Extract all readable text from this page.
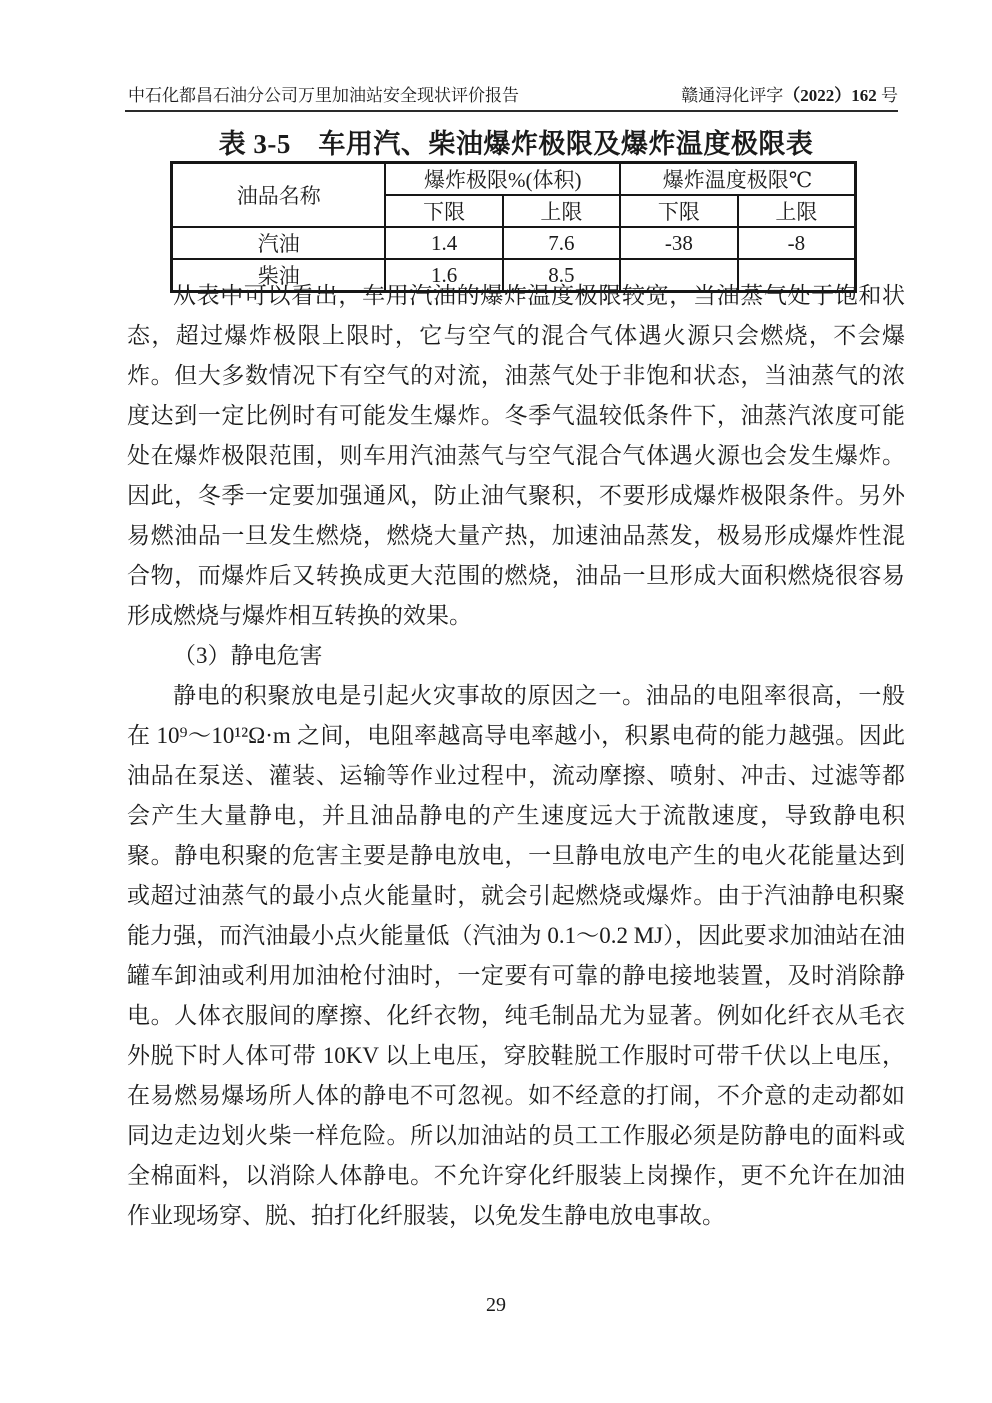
中石化都昌石油分公司万里加油站安全现状评价报告	赣通浔化评字（2022）162 号
表 3-5　车用汽、柴油爆炸极限及爆炸温度极限表
油品名称	爆炸极限%(体积)		爆炸温度极限℃	
	下限	上限	下限	上限
汽油	1.4	7.6	-38	-8
柴油	1.6	8.5		

从表中可以看出，车用汽油的爆炸温度极限较宽，当油蒸气处于饱和状态，超过爆炸极限上限时，它与空气的混合气体遇火源只会燃烧，不会爆炸。但大多数情况下有空气的对流，油蒸气处于非饱和状态，当油蒸气的浓度达到一定比例时有可能发生爆炸。冬季气温较低条件下，油蒸汽浓度可能处在爆炸极限范围，则车用汽油蒸气与空气混合气体遇火源也会发生爆炸。因此，冬季一定要加强通风，防止油气聚积，不要形成爆炸极限条件。另外易燃油品一旦发生燃烧，燃烧大量产热，加速油品蒸发，极易形成爆炸性混合物，而爆炸后又转换成更大范围的燃烧，油品一旦形成大面积燃烧很容易形成燃烧与爆炸相互转换的效果。

（3）静电危害

静电的积聚放电是引起火灾事故的原因之一。油品的电阻率很高，一般在 10⁹～10¹²Ω·m 之间，电阻率越高导电率越小，积累电荷的能力越强。因此油品在泵送、灌装、运输等作业过程中，流动摩擦、喷射、冲击、过滤等都会产生大量静电，并且油品静电的产生速度远大于流散速度，导致静电积聚。静电积聚的危害主要是静电放电，一旦静电放电产生的电火花能量达到或超过油蒸气的最小点火能量时，就会引起燃烧或爆炸。由于汽油静电积聚能力强，而汽油最小点火能量低（汽油为 0.1～0.2 MJ），因此要求加油站在油罐车卸油或利用加油枪付油时，一定要有可靠的静电接地装置，及时消除静电。人体衣服间的摩擦、化纤衣物，纯毛制品尤为显著。例如化纤衣从毛衣外脱下时人体可带 10KV 以上电压，穿胶鞋脱工作服时可带千伏以上电压，在易燃易爆场所人体的静电不可忽视。如不经意的打闹，不介意的走动都如同边走边划火柴一样危险。所以加油站的员工工作服必须是防静电的面料或全棉面料，以消除人体静电。不允许穿化纤服装上岗操作，更不允许在加油作业现场穿、脱、拍打化纤服装，以免发生静电放电事故。

29
